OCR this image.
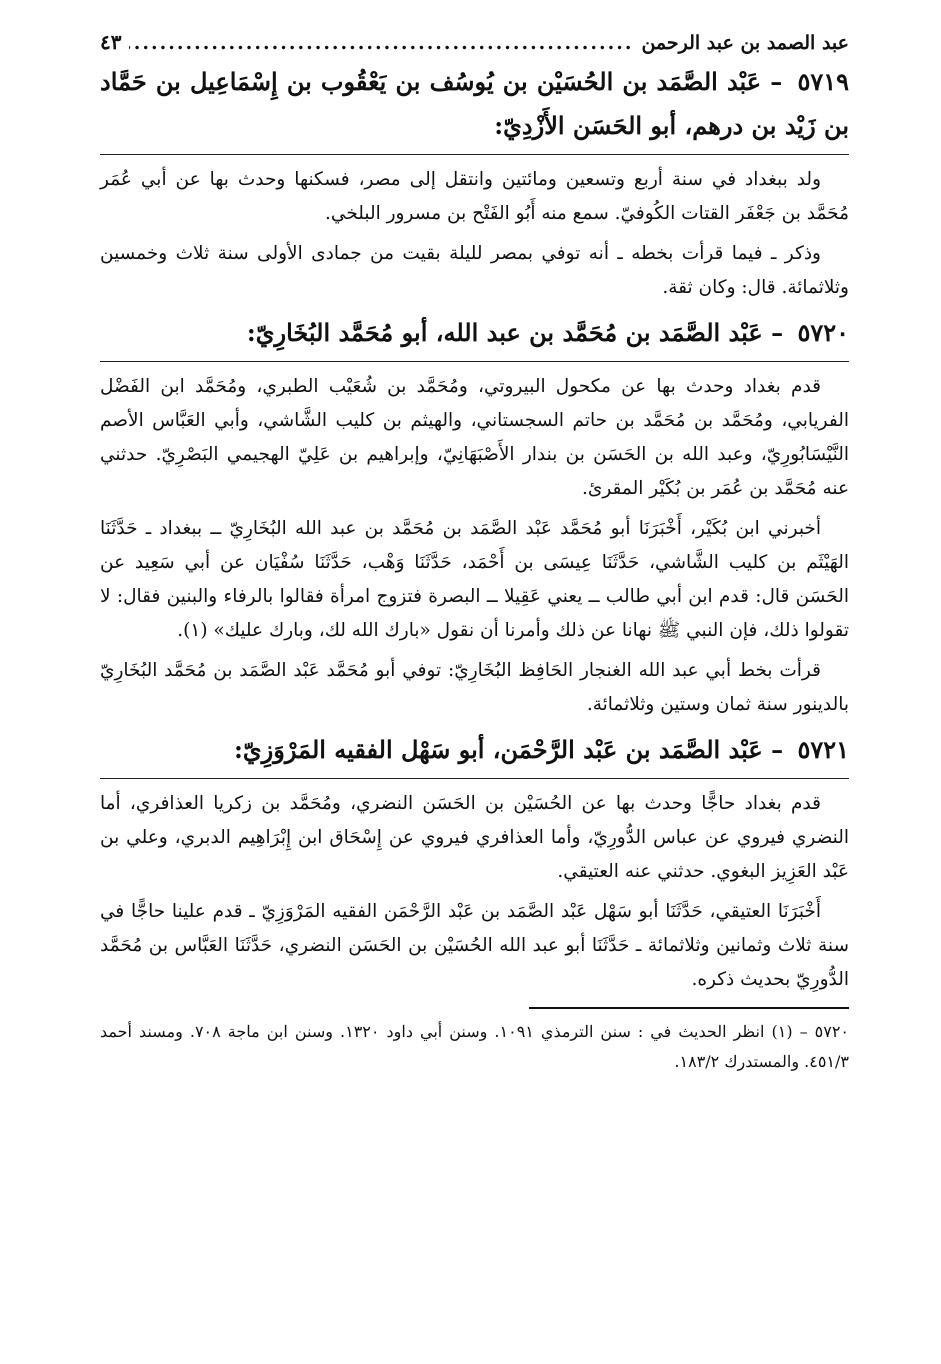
عبد الصمد بن عبد الرحمن
.....
٤٣
٥٧١٩ – عَبْد الصَّمَد بن الحُسَيْن بن يُوسُف بن يَعْقُوب بن إِسْمَاعِيل بن حَمَّاد بن زَيْد بن درهم، أبو الحَسَن الأَزْدِيّ:

ولد ببغداد في سنة أربع وتسعين ومائتين وانتقل إلى مصر، فسكنها وحدث بها عن أبي عُمَر مُحَمَّد بن جَعْفَر القتات الكُوفيّ. سمع منه أَبُو الفَتْح بن مسرور البلخي.

وذكر ـ فيما قرأت بخطه ـ أنه توفي بمصر لليلة بقيت من جمادى الأولى سنة ثلاث وخمسين وثلاثمائة. قال: وكان ثقة.

٥٧٢٠ – عَبْد الصَّمَد بن مُحَمَّد بن عبد الله، أبو مُحَمَّد البُخَارِيّ:

قدم بغداد وحدث بها عن مكحول البيروتي، ومُحَمَّد بن شُعَيْب الطبري، ومُحَمَّد ابن الفَضْل الفريابي، ومُحَمَّد بن مُحَمَّد بن حاتم السجستاني، والهيثم بن كليب الشَّاشي، وأبي العَبَّاس الأصم النَّيْسَابُورِيّ، وعبد الله بن الحَسَن بن بندار الأَصْبَهَانِيّ، وإبراهيم بن عَلِيّ الهجيمي البَصْرِيّ. حدثني عنه مُحَمَّد بن عُمَر بن بُكَيْر المقرئ.

أخبرني ابن بُكَيْر، أَخْبَرَنَا أبو مُحَمَّد عَبْد الصَّمَد بن مُحَمَّد بن عبد الله البُخَارِيّ ــ ببغداد ـ حَدَّثَنَا الهَيْثَم بن كليب الشَّاشي، حَدَّثَنَا عِيسَى بن أَحْمَد، حَدَّثَنَا وَهْب، حَدَّثَنَا سُفْيَان عن أبي سَعِيد عن الحَسَن قال: قدم ابن أبي طالب ــ يعني عَقِيلا ــ البصرة فتزوج امرأة فقالوا بالرفاء والبنين فقال: لا تقولوا ذلك، فإن النبي ﷺ نهانا عن ذلك وأمرنا أن نقول «بارك الله لك، وبارك عليك» (١).

قرأت بخط أبي عبد الله الغنجار الحَافِظ البُخَارِيّ: توفي أبو مُحَمَّد عَبْد الصَّمَد بن مُحَمَّد البُخَارِيّ بالدينور سنة ثمان وستين وثلاثمائة.

٥٧٢١ – عَبْد الصَّمَد بن عَبْد الرَّحْمَن، أبو سَهْل الفقيه المَرْوَزِيّ:

قدم بغداد حاجًّا وحدث بها عن الحُسَيْن بن الحَسَن النضري، ومُحَمَّد بن زكريا العذافري، أما النضري فيروي عن عباس الدُّورِيّ، وأما العذافري فيروي عن إِسْحَاق ابن إِبْرَاهِيم الدبري، وعلي بن عَبْد العَزِيز البغوي. حدثني عنه العتيقي.

أَخْبَرَنَا العتيقي، حَدَّثَنَا أبو سَهْل عَبْد الصَّمَد بن عَبْد الرَّحْمَن الفقيه المَرْوَزِيّ ـ قدم علينا حاجًّا في سنة ثلاث وثمانين وثلاثمائة ـ حَدَّثَنَا أبو عبد الله الحُسَيْن بن الحَسَن النضري، حَدَّثَنَا العَبَّاس بن مُحَمَّد الدُّورِيّ بحديث ذكره.

٥٧٢٠ – (١) انظر الحديث في : سنن الترمذي ١٠٩١. وسنن أبي داود ١٣٢٠. وسنن ابن ماجة ٧٠٨. ومسند أحمد ٤٥١/٣. والمستدرك ١٨٣/٢.
